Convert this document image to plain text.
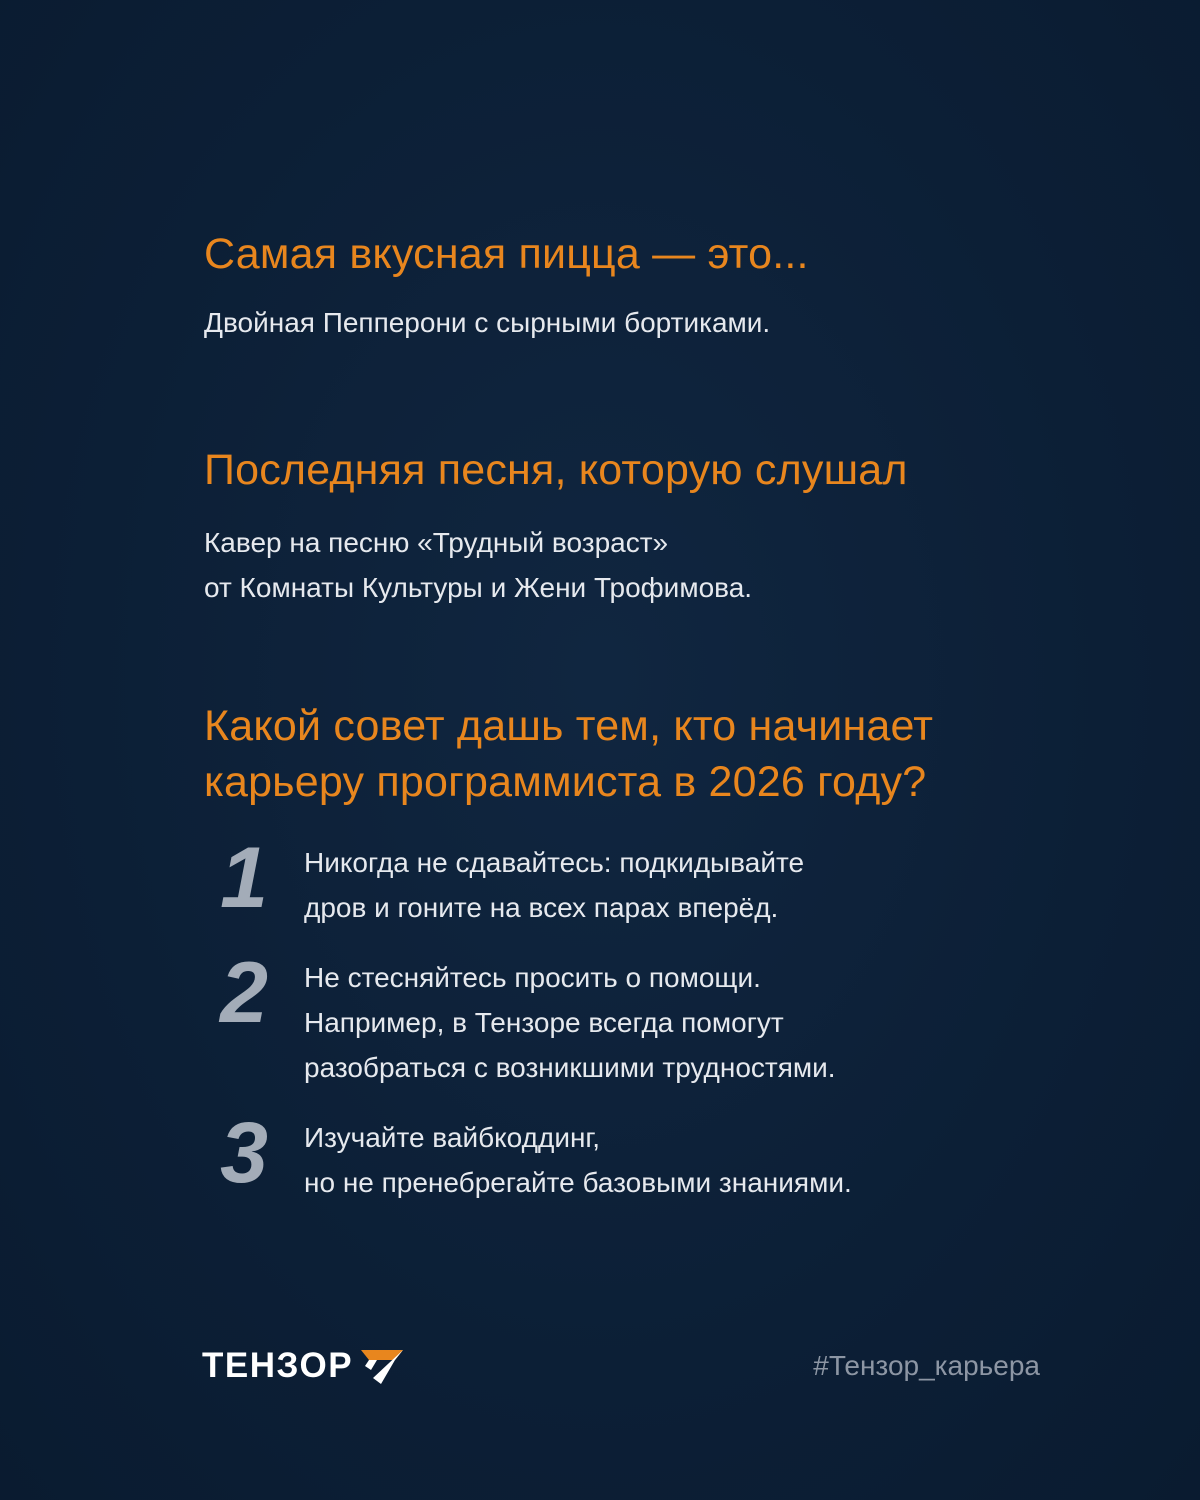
Самая вкусная пицца — это...
Двойная Пепперони с сырными бортиками.
Последняя песня, которую слушал
Кавер на песню «Трудный возраст»
от Комнаты Культуры и Жени Трофимова.
Какой совет дашь тем, кто начинает
карьеру программиста в 2026 году?
1	Никогда не сдавайтесь: подкидывайте
дров и гоните на всех парах вперёд.
2	Не стесняйтесь просить о помощи.
Например, в Тензоре всегда помогут
разобраться с возникшими трудностями.
3	Изучайте вайбкоддинг,
но не пренебрегайте базовыми знаниями.
ТЕНЗОР	#Тензор_карьера
